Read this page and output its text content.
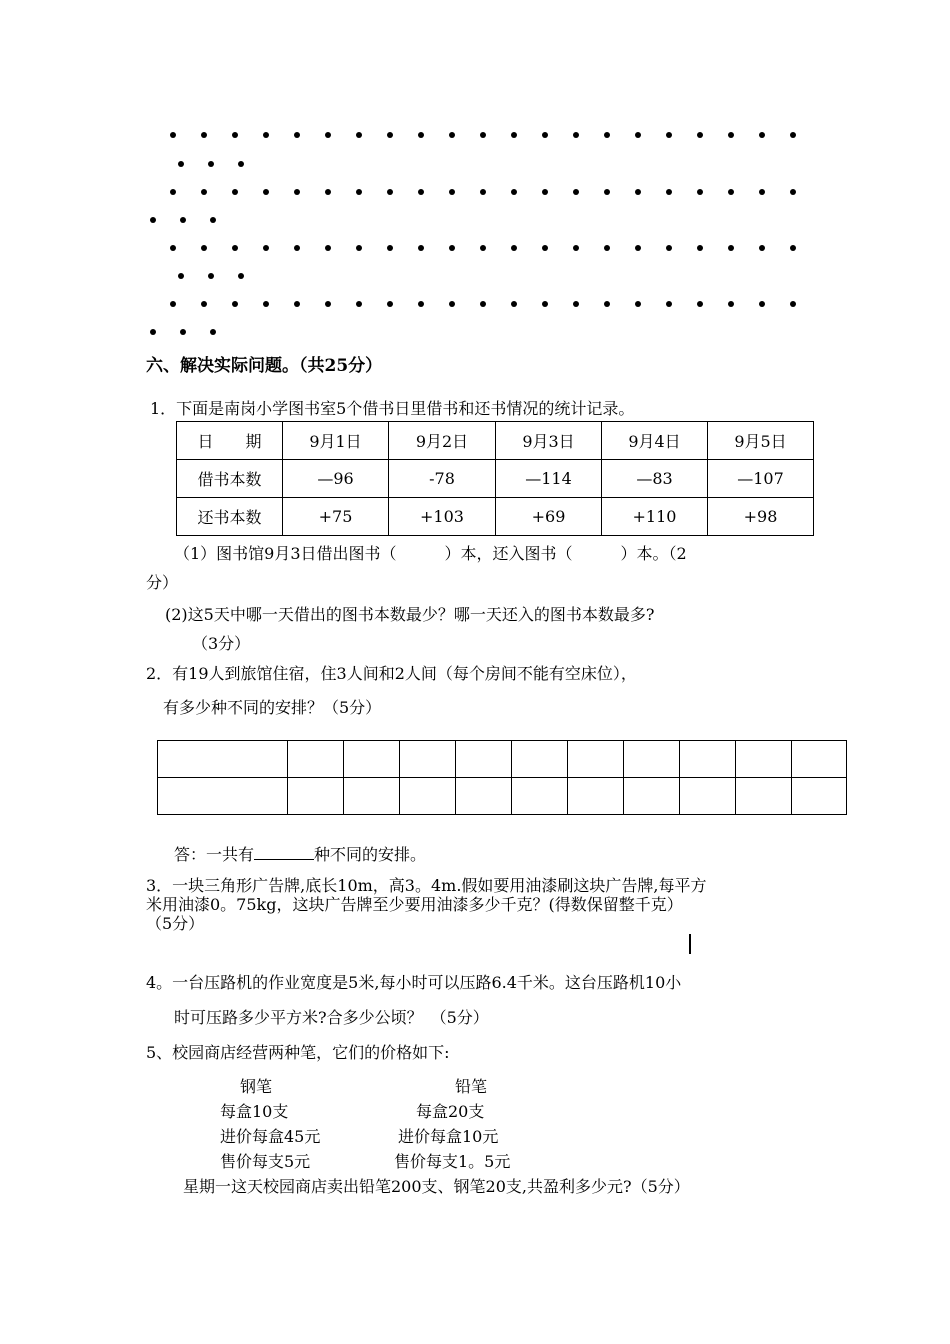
六、解决实际问题。（共25分）
1．下面是南岗小学图书室5个借书日里借书和还书情况的统计记录。
日　　期	9月1日	9月2日	9月3日	9月4日	9月5日
借书本数	—96	-78	—114	—83	—107
还书本数	+75	+103	+69	+110	+98
（1）图书馆9月3日借出图书（　　　）本，还入图书（　　　）本。（2
分）
(2)这5天中哪一天借出的图书本数最少？哪一天还入的图书本数最多?
（3分）
2．有19人到旅馆住宿，住3人间和2人间（每个房间不能有空床位），
有多少种不同的安排？（5分）

答：一共有	种不同的安排。
3．一块三角形广告牌,底长10m，高3。4m.假如要用油漆刷这块广告牌,每平方
米用油漆0。75kg，这块广告牌至少要用油漆多少千克？(得数保留整千克）
（5分）
4。一台压路机的作业宽度是5米,每小时可以压路6.4千米。这台压路机10小
时可压路多少平方米?合多少公顷？　（5分）
5、校园商店经营两种笔，它们的价格如下:
钢笔
每盒10支
进价每盒45元
售价每支5元
铅笔
每盒20支
进价每盒10元
售价每支1。5元
星期一这天校园商店卖出铅笔200支、钢笔20支,共盈利多少元?（5分）
